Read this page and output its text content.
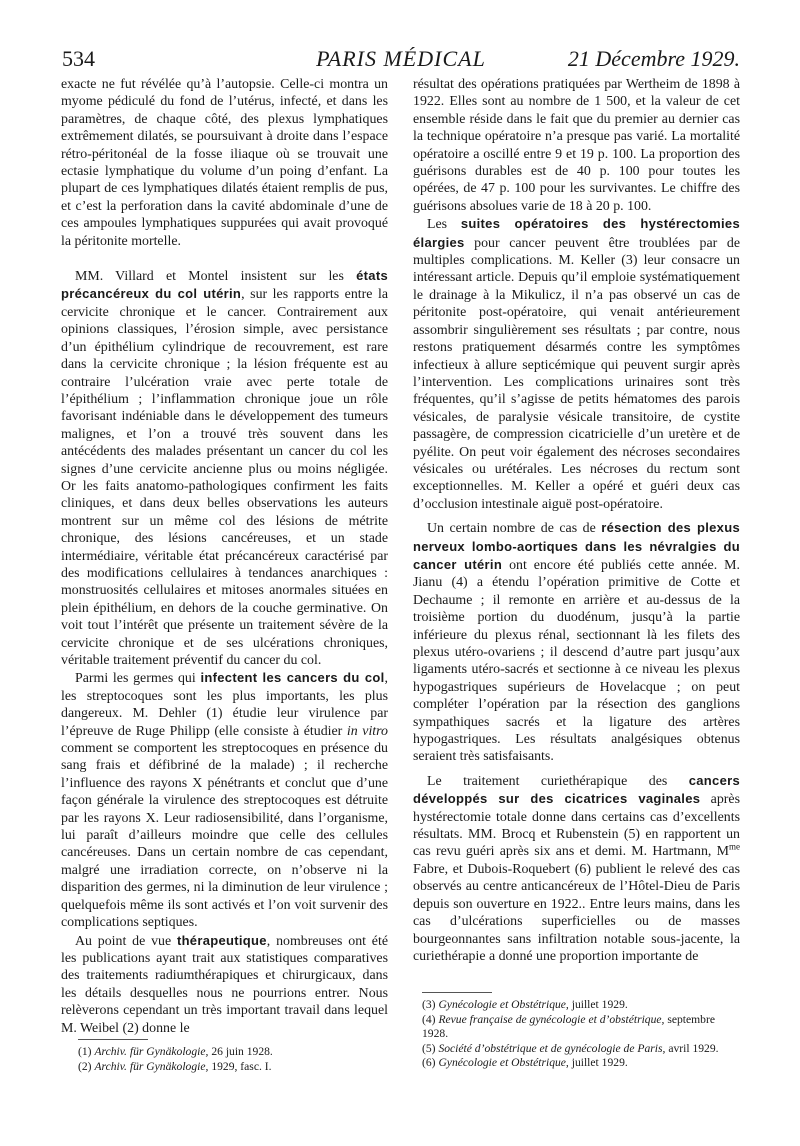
534	PARIS MÉDICAL	21 Décembre 1929.

exacte ne fut révélée qu’à l’autopsie. Celle-ci montra un myome pédiculé du fond de l’utérus, infecté, et dans les paramètres, de chaque côté, des plexus lymphatiques extrêmement dilatés, se poursuivant à droite dans l’espace rétro-péritonéal de la fosse iliaque où se trouvait une ectasie lymphatique du volume d’un poing d’enfant. La plupart de ces lymphatiques dilatés étaient remplis de pus, et c’est la perforation dans la cavité abdominale d’une de ces ampoules lymphatiques suppurées qui avait provoqué la péritonite mortelle.

MM. Villard et Montel insistent sur les états précancéreux du col utérin, sur les rapports entre la cervicite chronique et le cancer. Contrairement aux opinions classiques, l’érosion simple, avec persistance d’un épithélium cylindrique de recouvrement, est rare dans la cervicite chronique ; la lésion fréquente est au contraire l’ulcération vraie avec perte totale de l’épithélium ; l’inflammation chronique joue un rôle favorisant indéniable dans le développement des tumeurs malignes, et l’on a trouvé très souvent dans les antécédents des malades présentant un cancer du col les signes d’une cervicite ancienne plus ou moins négligée. Or les faits anatomo-pathologiques confirment les faits cliniques, et dans deux belles observations les auteurs montrent sur un même col des lésions de métrite chronique, des lésions cancéreuses, et un stade intermédiaire, véritable état précancéreux caractérisé par des modifications cellulaires à tendances anarchiques : monstruosités cellulaires et mitoses anormales situées en plein épithélium, en dehors de la couche germinative. On voit tout l’intérêt que présente un traitement sévère de la cervicite chronique et de ses ulcérations chroniques, véritable traitement préventif du cancer du col.

Parmi les germes qui infectent les cancers du col, les streptocoques sont les plus importants, les plus dangereux. M. Dehler (1) étudie leur virulence par l’épreuve de Ruge Philipp (elle consiste à étudier in vitro comment se comportent les streptocoques en présence du sang frais et défibriné de la malade) ; il recherche l’influence des rayons X pénétrants et conclut que d’une façon générale la virulence des streptocoques est détruite par les rayons X. Leur radiosensibilité, dans l’organisme, lui paraît d’ailleurs moindre que celle des cellules cancéreuses. Dans un certain nombre de cas cependant, malgré une irradiation correcte, on n’observe ni la disparition des germes, ni la diminution de leur virulence ; quelquefois même ils sont activés et l’on voit survenir des complications septiques.

Au point de vue thérapeutique, nombreuses ont été les publications ayant trait aux statistiques comparatives des traitements radiumthérapiques et chirurgicaux, dans les détails desquelles nous ne pourrions entrer. Nous relèverons cependant un très important travail dans lequel M. Weibel (2) donne le

résultat des opérations pratiquées par Wertheim de 1898 à 1922. Elles sont au nombre de 1 500, et la valeur de cet ensemble réside dans le fait que du premier au dernier cas la technique opératoire n’a presque pas varié. La mortalité opératoire a oscillé entre 9 et 19 p. 100. La proportion des guérisons durables est de 40 p. 100 pour toutes les opérées, de 47 p. 100 pour les survivantes. Le chiffre des guérisons absolues varie de 18 à 20 p. 100.

Les suites opératoires des hystérectomies élargies pour cancer peuvent être troublées par de multiples complications. M. Keller (3) leur consacre un intéressant article. Depuis qu’il emploie systématiquement le drainage à la Mikulicz, il n’a pas observé un cas de péritonite post-opératoire, qui venait antérieurement assombrir singulièrement ses résultats ; par contre, nous restons pratiquement désarmés contre les symptômes infectieux à allure septicémique qui peuvent surgir après l’intervention. Les complications urinaires sont très fréquentes, qu’il s’agisse de petits hématomes des parois vésicales, de paralysie vésicale transitoire, de cystite passagère, de compression cicatricielle d’un uretère et de pyélite. On peut voir également des nécroses secondaires vésicales ou urétérales. Les nécroses du rectum sont exceptionnelles. M. Keller a opéré et guéri deux cas d’occlusion intestinale aiguë post-opératoire.

Un certain nombre de cas de résection des plexus nerveux lombo-aortiques dans les névralgies du cancer utérin ont encore été publiés cette année. M. Jianu (4) a étendu l’opération primitive de Cotte et Dechaume ; il remonte en arrière et au-dessus de la troisième portion du duodénum, jusqu’à la partie inférieure du plexus rénal, sectionnant là les filets des plexus utéro-ovariens ; il descend d’autre part jusqu’aux ligaments utéro-sacrés et sectionne à ce niveau les plexus hypogastriques supérieurs de Hovelacque ; on peut compléter l’opération par la résection des ganglions sympathiques sacrés et la ligature des artères hypogastriques. Les résultats analgésiques obtenus seraient très satisfaisants.

Le traitement curiethérapique des cancers développés sur des cicatrices vaginales après hystérectomie totale donne dans certains cas d’excellents résultats. MM. Brocq et Rubenstein (5) en rapportent un cas revu guéri après six ans et demi. M. Hartmann, $M^{me}$ Fabre, et Dubois-Roquebert (6) publient le relevé des cas observés au centre anticancéreux de l’Hôtel-Dieu de Paris depuis son ouverture en 1922.. Entre leurs mains, dans les cas d’ulcérations superficielles ou de masses bourgeonnantes sans infiltration notable sous-jacente, la curiethérapie a donné une proportion importante de

(1) Archiv. für Gynäkologie, 26 juin 1928.
(2) Archiv. für Gynäkologie, 1929, fasc. I.
(3) Gynécologie et Obstétrique, juillet 1929.
(4) Revue française de gynécologie et d’obstétrique, septembre 1928.
(5) Société d’obstétrique et de gynécologie de Paris, avril 1929.
(6) Gynécologie et Obstétrique, juillet 1929.
